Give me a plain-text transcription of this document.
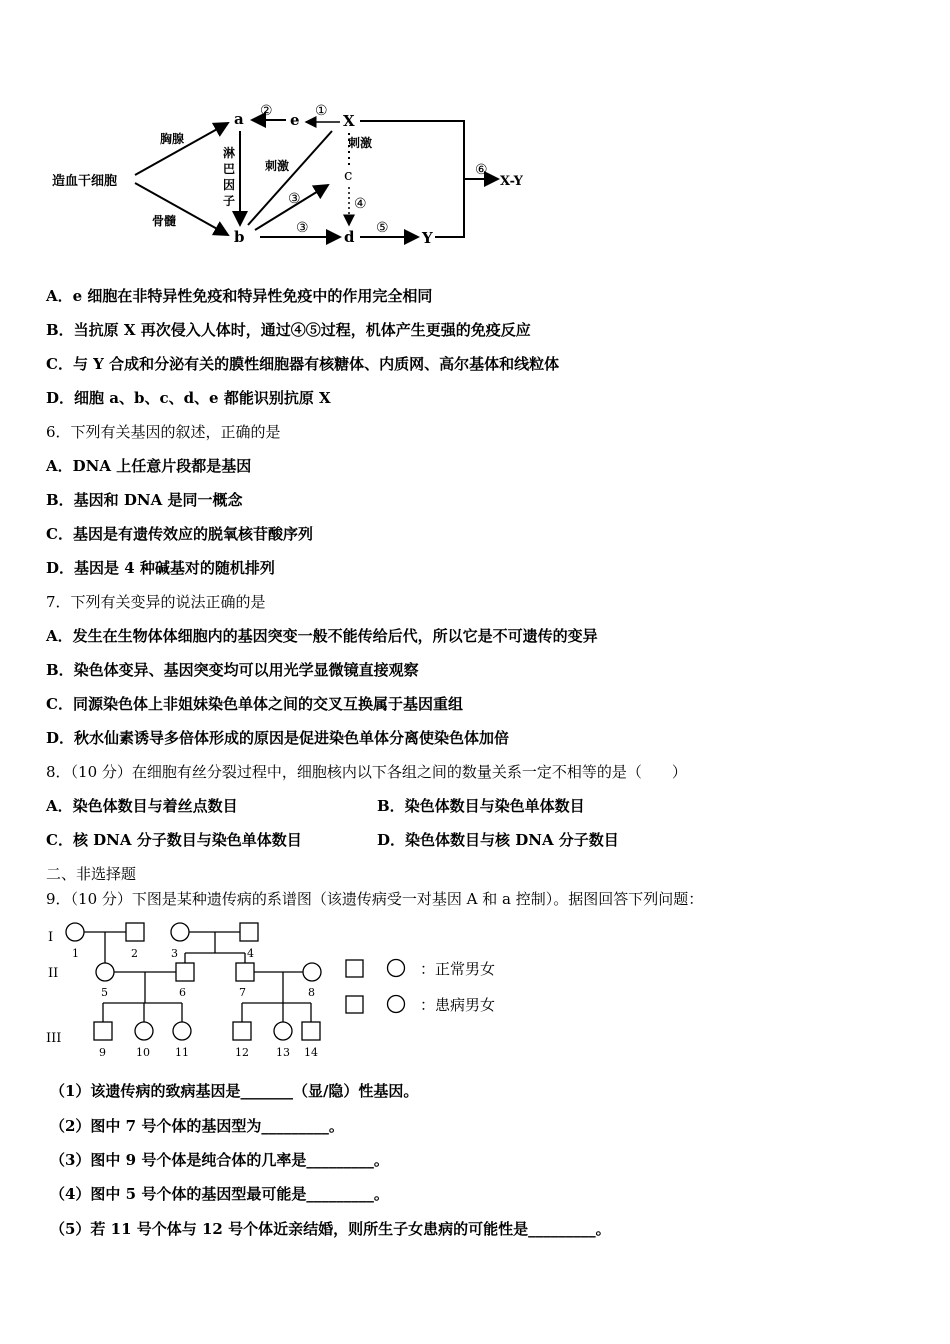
造血干细胞
胸腺
骨髓
a
b
淋
巴
因
子
e	X
②	①
刺激
③
③ d
刺激
c
④
⑤
Y
⑥
X-Y
A．e 细胞在非特异性免疫和特异性免疫中的作用完全相同
B．当抗原 X 再次侵入人体时，通过④⑤过程，机体产生更强的免疫反应
C．与 Y 合成和分泌有关的膜性细胞器有核糖体、内质网、高尔基体和线粒体
D．细胞 a、b、c、d、e 都能识别抗原 X
6．下列有关基因的叙述，正确的是
A．DNA 上任意片段都是基因
B．基因和 DNA 是同一概念
C．基因是有遗传效应的脱氧核苷酸序列
D．基因是 4 种碱基对的随机排列
7．下列有关变异的说法正确的是
A．发生在生物体体细胞内的基因突变一般不能传给后代，所以它是不可遗传的变异
B．染色体变异、基因突变均可以用光学显微镜直接观察
C．同源染色体上非姐妹染色单体之间的交叉互换属于基因重组
D．秋水仙素诱导多倍体形成的原因是促进染色单体分离使染色体加倍
8．（10 分）在细胞有丝分裂过程中，细胞核内以下各组之间的数量关系一定不相等的是（　　）
A．染色体数目与着丝点数目	B．染色体数目与染色单体数目
C．核 DNA 分子数目与染色单体数目	D．染色体数目与核 DNA 分子数目
二、非选择题
9．（10 分）下图是某种遗传病的系谱图（该遗传病受一对基因 A 和 a 控制）。据图回答下列问题：
I
II
III
1	2	3	4
5	6	7	8
9	10 11	12 13 14
：正常男女
：患病男女
（1）该遗传病的致病基因是_______（显/隐）性基因。
（2）图中 7 号个体的基因型为_________。
（3）图中 9 号个体是纯合体的几率是_________。
（4）图中 5 号个体的基因型最可能是_________。
（5）若 11 号个体与 12 号个体近亲结婚，则所生子女患病的可能性是_________。
